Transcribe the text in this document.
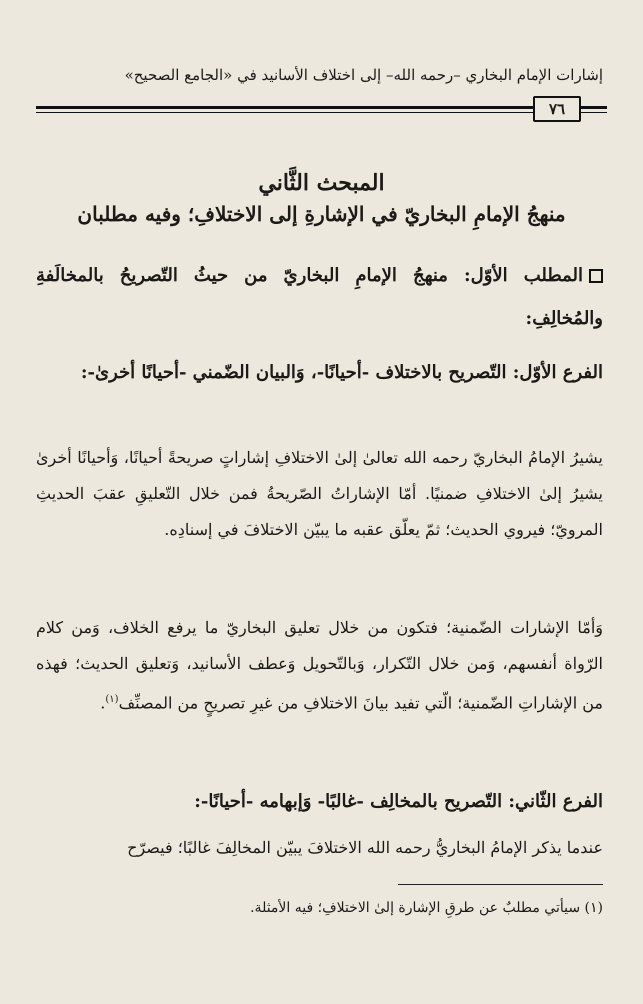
إشارات الإمام البخاري –رحمه الله– إلى اختلاف الأسانيد في «الجامع الصحيح»
٧٦
المبحث الثَّاني
منهجُ الإمامِ البخاريّ في الإشارةِ إلى الاختلافِ؛ وفيه مطلبان
المطلب الأوّل: منهجُ الإمامِ البخاريّ من حيثُ التّصريحُ بالمخالَفةِ والمُخالِفِ:
الفرع الأوّل: التّصريح بالاختلاف -أحيانًا-، وَالبيان الضّمني -أحيانًا أخرىٰ-:
يشيرُ الإمامُ البخاريّ رحمه الله تعالىٰ إلىٰ الاختلافِ إشاراتٍ صريحةً أحيانًا، وَأحيانًا أخرىٰ يشيرُ إلىٰ الاختلافِ ضمنيًا. أمّا الإشاراتُ الصّريحةُ فمن خلال التّعليقِ عقبَ الحديثِ المرويّ؛ فيروي الحديث؛ ثمّ يعلّق عقبه ما يبيّن الاختلافَ في إسنادِه.
وَأمّا الإشارات الضّمنية؛ فتكون من خلال تعليق البخاريّ ما يرفع الخلاف، وَمن كلام الرّواة أنفسهم، وَمن خلال التّكرار، وَبالتّحويل وَعطف الأسانيد، وَتعليق الحديث؛ فهذه من الإشاراتِ الضّمنية؛ الّتي تفيد بيانَ الاختلافِ من غيرِ تصريحٍ من المصنِّف$^{(١)}$.
الفرع الثّاني: التّصريح بالمخالِف -غالبًا- وَإبهامه -أحيانًا-:
عندما يذكر الإمامُ البخاريُّ رحمه الله الاختلافَ يبيّن المخالِفَ غالبًا؛ فيصرّح
(١) سيأتي مطلبٌ عن طرقِ الإشارة إلىٰ الاختلافِ؛ فيه الأمثلة.
